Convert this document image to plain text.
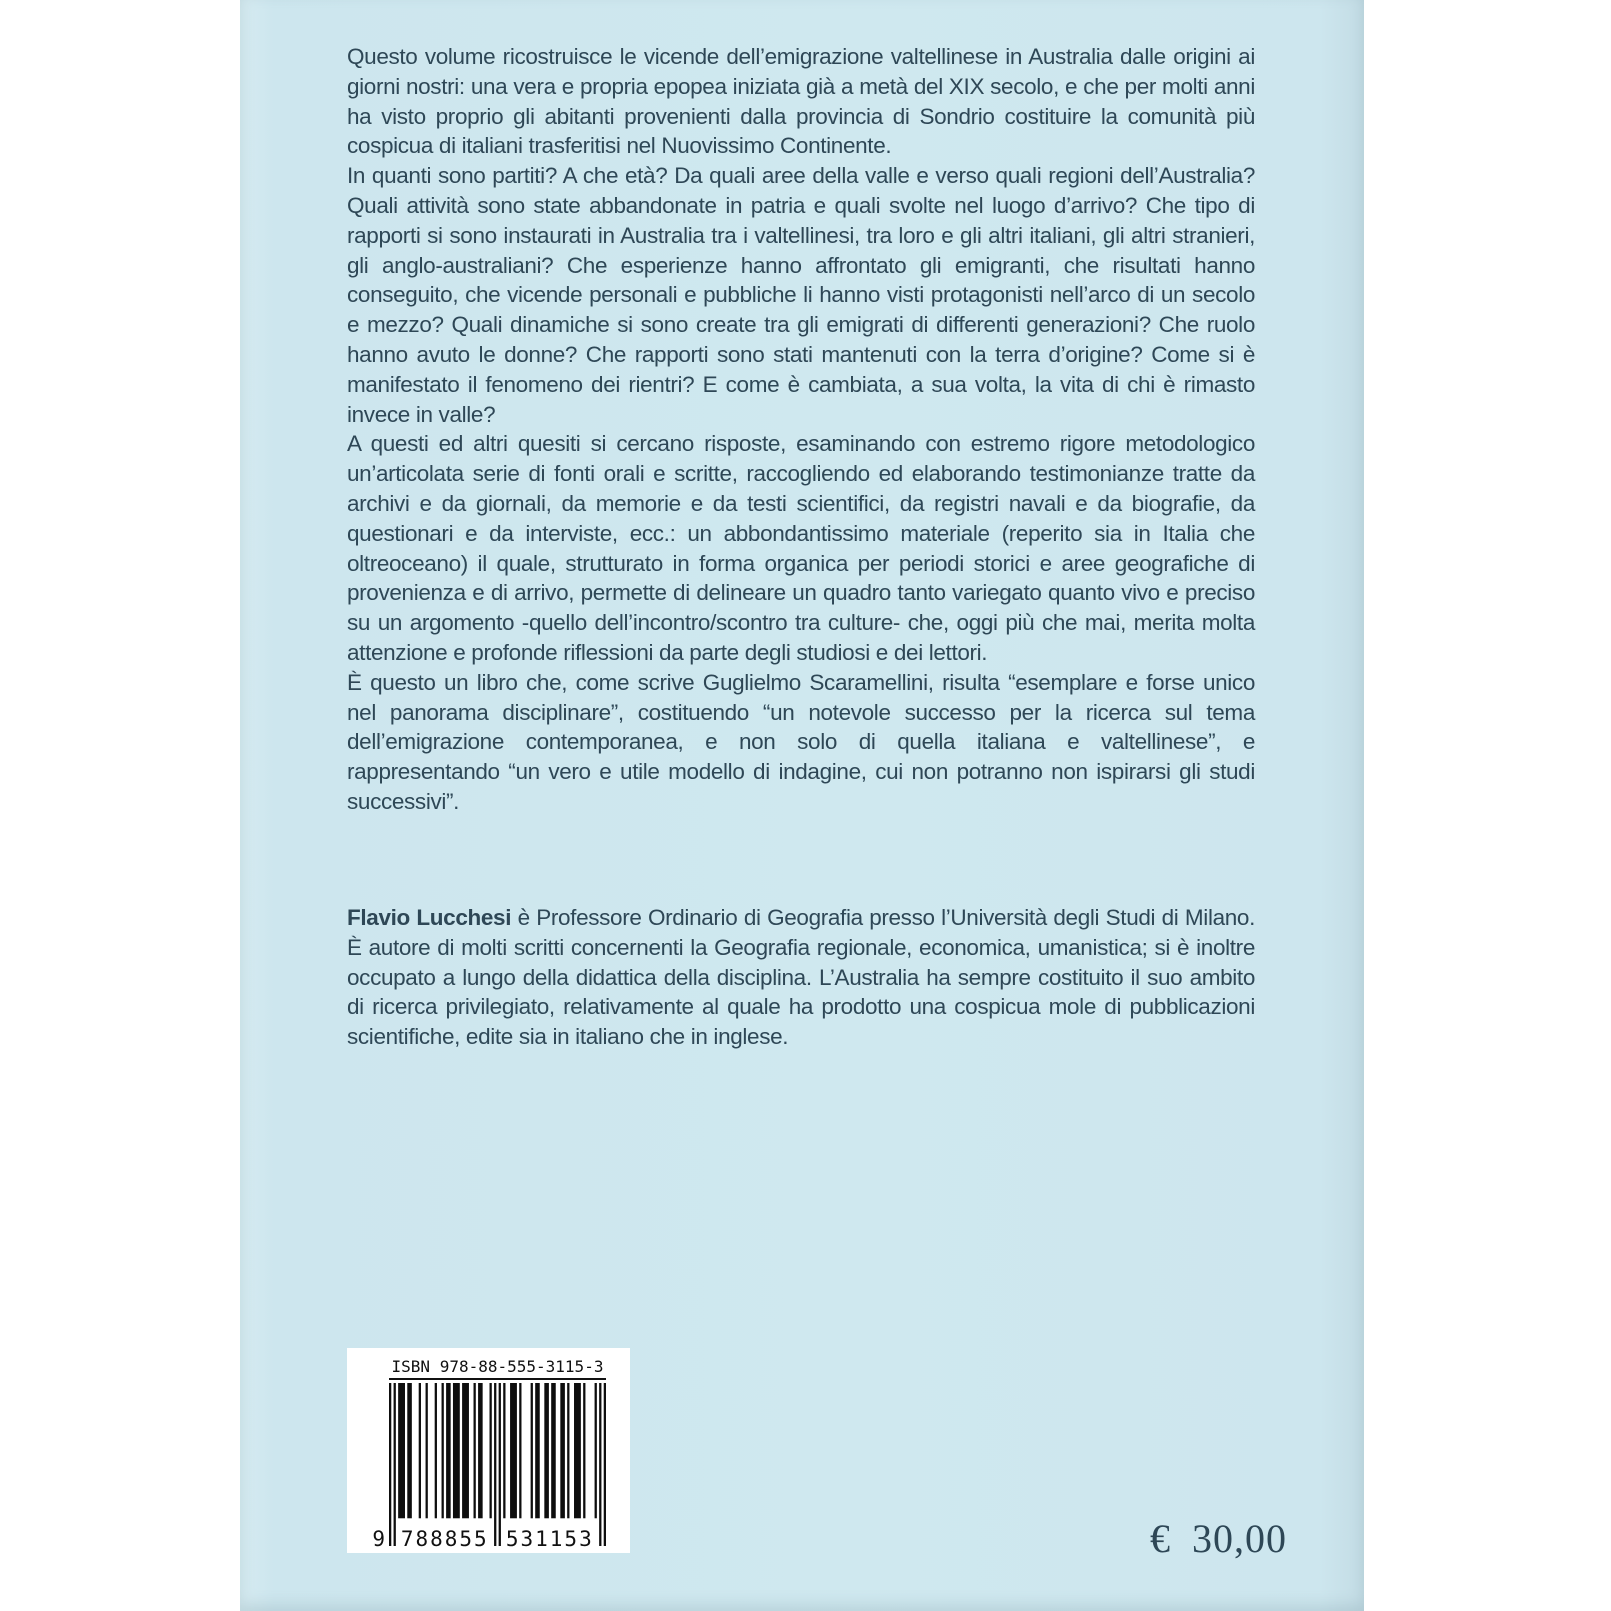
Questo volume ricostruisce le vicende dell’emigrazione valtellinese in Australia dalle origini ai giorni nostri: una vera e propria epopea iniziata già a metà del XIX secolo, e che per molti anni ha visto proprio gli abitanti provenienti dalla provincia di Sondrio costituire la comunità più cospicua di italiani trasferitisi nel Nuovissimo Continente.

In quanti sono partiti? A che età? Da quali aree della valle e verso quali regioni dell’Australia? Quali attività sono state abbandonate in patria e quali svolte nel luogo d’arrivo? Che tipo di rapporti si sono instaurati in Australia tra i valtellinesi, tra loro e gli altri italiani, gli altri stranieri, gli anglo-australiani? Che esperienze hanno affrontato gli emigranti, che risultati hanno conseguito, che vicende personali e pubbliche li hanno visti protagonisti nell’arco di un secolo e mezzo? Quali dinamiche si sono create tra gli emigrati di differenti generazioni? Che ruolo hanno avuto le donne? Che rapporti sono stati mantenuti con la terra d’origine? Come si è manifestato il fenomeno dei rientri? E come è cambiata, a sua volta, la vita di chi è rimasto invece in valle?

A questi ed altri quesiti si cercano risposte, esaminando con estremo rigore metodologico un’articolata serie di fonti orali e scritte, raccogliendo ed elaborando testimonianze tratte da archivi e da giornali, da memorie e da testi scientifici, da registri navali e da biografie, da questionari e da interviste, ecc.: un abbondantissimo materiale (reperito sia in Italia che oltreoceano) il quale, strutturato in forma organica per periodi storici e aree geografiche di provenienza e di arrivo, permette di delineare un quadro tanto variegato quanto vivo e preciso su un argomento -quello dell’incontro/scontro tra culture- che, oggi più che mai, merita molta attenzione e profonde riflessioni da parte degli studiosi e dei lettori.

È questo un libro che, come scrive Guglielmo Scaramellini, risulta “esemplare e forse unico nel panorama disciplinare”, costituendo “un notevole successo per la ricerca sul tema dell’emigrazione contemporanea, e non solo di quella italiana e valtellinese”, e rappresentando “un vero e utile modello di indagine, cui non potranno non ispirarsi gli studi successivi”.

Flavio Lucchesi è Professore Ordinario di Geografia presso l’Università degli Studi di Milano. È autore di molti scritti concernenti la Geografia regionale, economica, umanistica; si è inoltre occupato a lungo della didattica della disciplina. L’Australia ha sempre costituito il suo ambito di ricerca privilegiato, relativamente al quale ha prodotto una cospicua mole di pubblicazioni scientifiche, edite sia in italiano che in inglese.

ISBN 978-88-555-3115-3
9 788855 531153	€ 30,00
